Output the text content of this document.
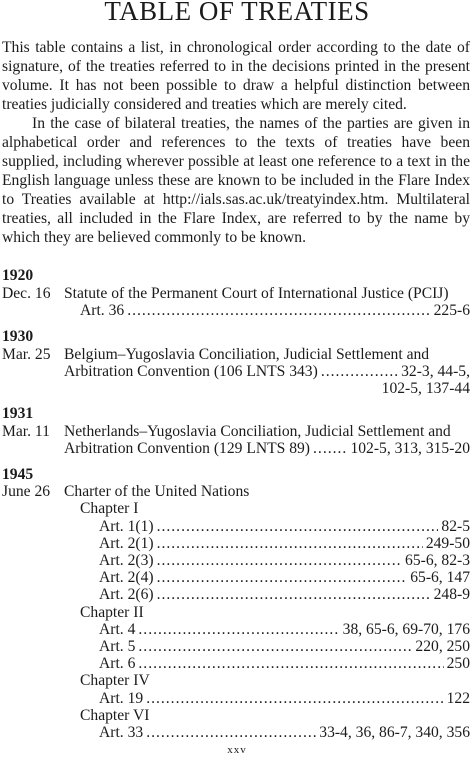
TABLE OF TREATIES

This table contains a list, in chronological order according to the date of signature, of the treaties referred to in the decisions printed in the present volume. It has not been possible to draw a helpful distinction between treaties judicially considered and treaties which are merely cited.

In the case of bilateral treaties, the names of the parties are given in alphabetical order and references to the texts of treaties have been supplied, including wherever possible at least one reference to a text in the English language unless these are known to be included in the Flare Index to Treaties available at http://ials.sas.ac.uk/treatyindex.htm. Multilateral treaties, all included in the Flare Index, are referred to by the name by which they are believed commonly to be known.

1920
Dec. 16 Statute of the Permanent Court of International Justice (PCIJ)
Art. 36 .....	225-6
1930
Mar. 25 Belgium–Yugoslavia Conciliation, Judicial Settlement and
Arbitration Convention (106 LNTS 343) .....	32-3, 44-5,
102-5, 137-44
1931
Mar. 11 Netherlands–Yugoslavia Conciliation, Judicial Settlement and
Arbitration Convention (129 LNTS 89) .....	102-5, 313, 315-20
1945
June 26 Charter of the United Nations
Chapter I
Art. 1(1) .....	82-5
Art. 2(1) .....	249-50
Art. 2(3) .....	65-6, 82-3
Art. 2(4) .....	65-6, 147
Art. 2(6) .....	248-9
Chapter II
Art. 4 .....	38, 65-6, 69-70, 176
Art. 5 .....	220, 250
Art. 6 .....	250
Chapter IV
Art. 19 .....	122
Chapter VI
Art. 33 .....	33-4, 36, 86-7, 340, 356
xxv
